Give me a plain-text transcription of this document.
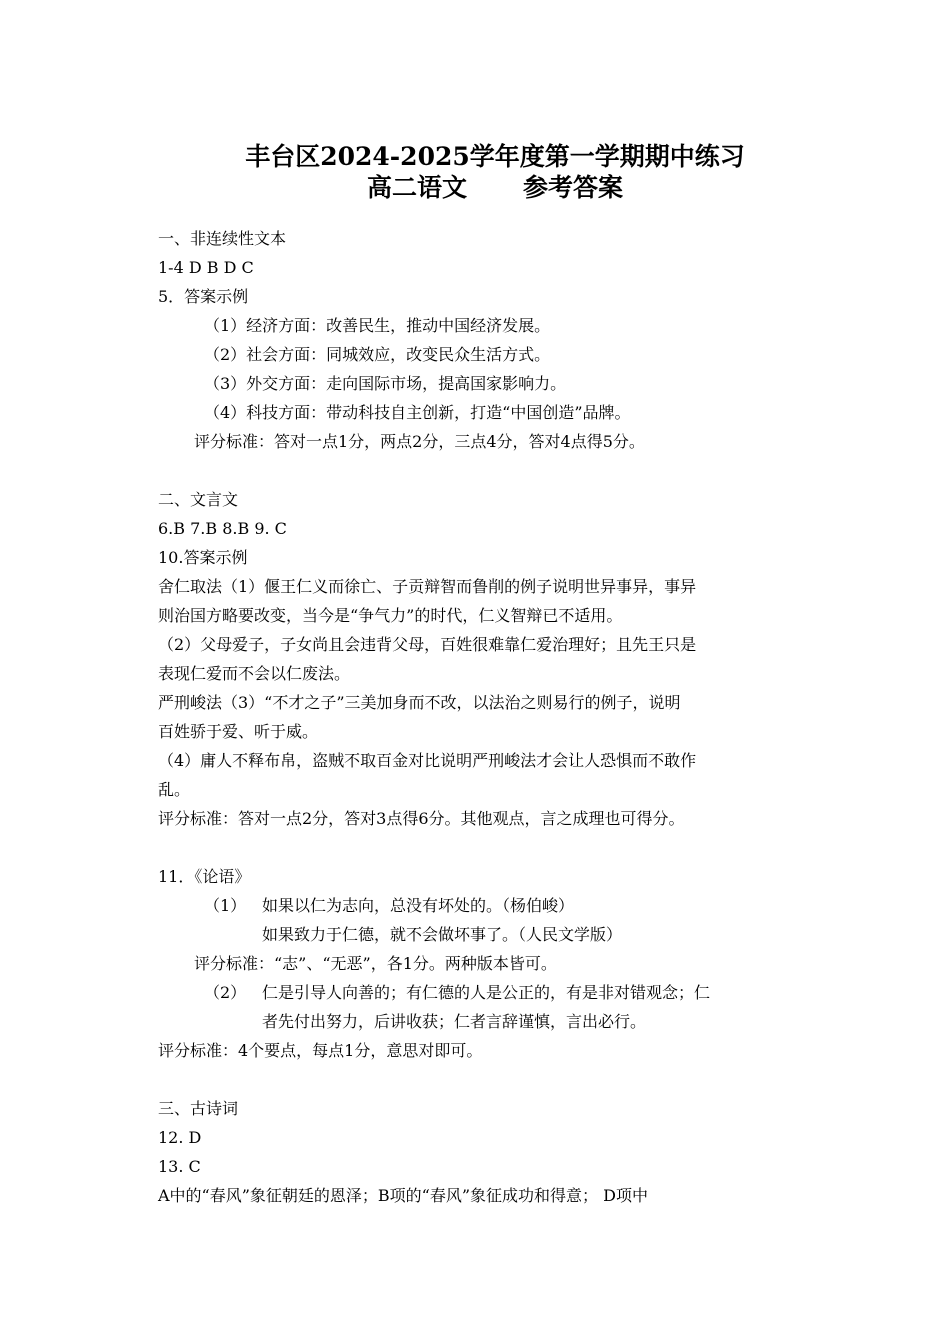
丰台区2024-2025学年度第一学期期中练习
高二语文 参考答案
一、非连续性文本
1-4 D B D C
5．答案示例
（1）经济方面：改善民生，推动中国经济发展。
（2）社会方面：同城效应，改变民众生活方式。
（3）外交方面：走向国际市场，提高国家影响力。
（4）科技方面：带动科技自主创新，打造“中国创造”品牌。
评分标准：答对一点1分，两点2分，三点4分，答对4点得5分。
二、文言文
6.B 7.B 8.B 9. C
10.答案示例
舍仁取法（1）偃王仁义而徐亡、子贡辩智而鲁削的例子说明世异事异，事异
则治国方略要改变，当今是“争气力”的时代，仁义智辩已不适用。
（2）父母爱子，子女尚且会违背父母，百姓很难靠仁爱治理好；且先王只是
表现仁爱而不会以仁废法。
严刑峻法（3）“不才之子”三美加身而不改，以法治之则易行的例子，说明
百姓骄于爱、听于威。
（4）庸人不释布帛，盗贼不取百金对比说明严刑峻法才会让人恐惧而不敢作
乱。
评分标准：答对一点2分，答对3点得6分。其他观点，言之成理也可得分。
11．《论语》
（1） 如果以仁为志向，总没有坏处的。（杨伯峻）
如果致力于仁德，就不会做坏事了。（人民文学版）
评分标准：“志”、“无恶”，各1分。两种版本皆可。
（2） 仁是引导人向善的；有仁德的人是公正的，有是非对错观念；仁
者先付出努力，后讲收获；仁者言辞谨慎，言出必行。
评分标准：4个要点，每点1分，意思对即可。
三、古诗词
12. D
13. C
A中的“春风”象征朝廷的恩泽；B项的“春风”象征成功和得意； D项中
